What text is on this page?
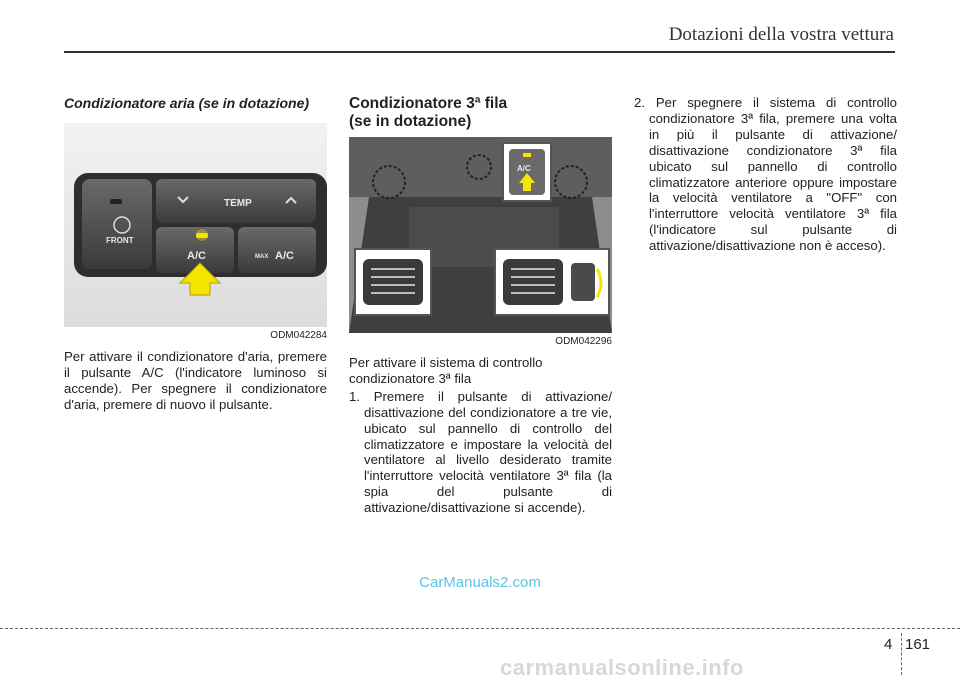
Dotazioni della vostra vettura
Condizionatore aria (se in dotazione)
FRONT
TEMP
A/C	MAX A/C
ODM042284

Per attivare il condizionatore d'aria, premere il pulsante A/C (l'indicatore luminoso si accende). Per spegnere il condizionatore d'aria, premere di nuovo il pulsante.

Condizionatore 3ª fila
(se in dotazione)
A/C
ODM042296

Per attivare il sistema di controllo condizionatore 3ª fila

1. Premere il pulsante di attivazione/ disattivazione del condizionatore a tre vie, ubicato sul pannello di controllo del climatizzatore e impostare la velocità del ventilatore al livello desiderato tramite l'interruttore velocità ventilatore 3ª fila (la spia del pulsante di attivazione/disattivazione si accende).
2. Per spegnere il sistema di controllo condizionatore 3ª fila, premere una volta in più il pulsante di attivazione/ disattivazione condizionatore 3ª fila ubicato sul pannello di controllo climatizzatore anteriore oppure impostare la velocità ventilatore a "OFF" con l'interruttore velocità ventilatore 3ª fila (l'indicatore sul pulsante di attivazione/disattivazione non è acceso).
CarManuals2.com
4 161
carmanualsonline.info
